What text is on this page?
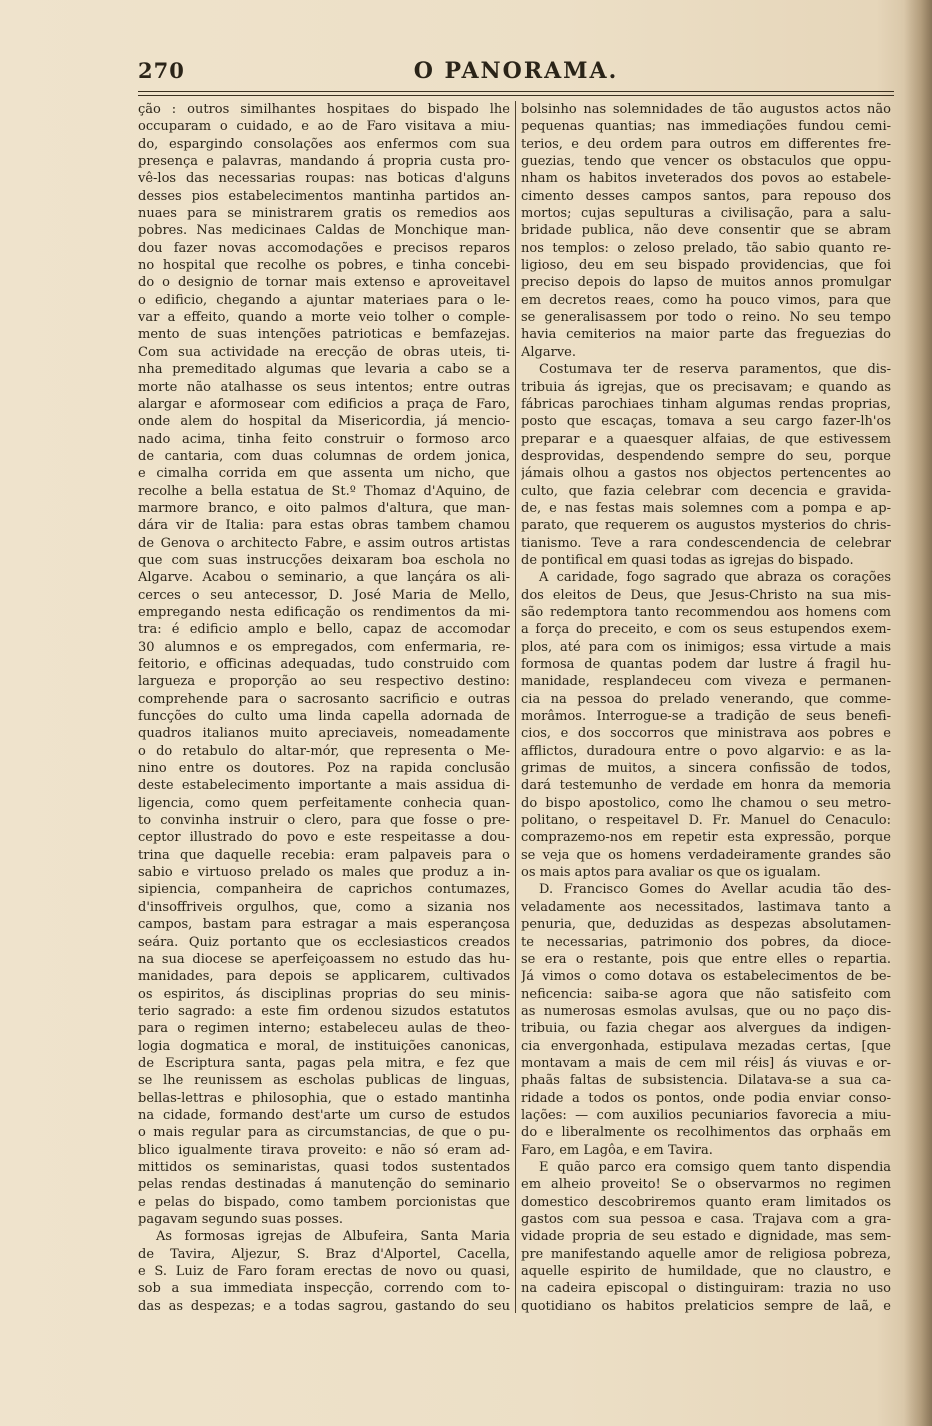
270	O PANORAMA.
ção : outros similhantes hospitaes do bispado lhe
occuparam o cuidado, e ao de Faro visitava a miu-
do, espargindo consolações aos enfermos com sua
presença e palavras, mandando á propria custa pro-
vê-los das necessarias roupas: nas boticas d'alguns
desses pios estabelecimentos mantinha partidos an-
nuaes para se ministrarem gratis os remedios aos
pobres. Nas medicinaes Caldas de Monchique man-
dou fazer novas accomodações e precisos reparos
no hospital que recolhe os pobres, e tinha concebi-
do o designio de tornar mais extenso e aproveitavel
o edificio, chegando a ajuntar materiaes para o le-
var a effeito, quando a morte veio tolher o comple-
mento de suas intenções patrioticas e bemfazejas.
Com sua actividade na erecção de obras uteis, ti-
nha premeditado algumas que levaria a cabo se a
morte não atalhasse os seus intentos; entre outras
alargar e aformosear com edificios a praça de Faro,
onde alem do hospital da Misericordia, já mencio-
nado acima, tinha feito construir o formoso arco
de cantaria, com duas columnas de ordem jonica,
e cimalha corrida em que assenta um nicho, que
recolhe a bella estatua de St.º Thomaz d'Aquino, de
marmore branco, e oito palmos d'altura, que man-
dára vir de Italia: para estas obras tambem chamou
de Genova o architecto Fabre, e assim outros artistas
que com suas instrucções deixaram boa eschola no
Algarve. Acabou o seminario, a que lançára os ali-
cerces o seu antecessor, D. José Maria de Mello,
empregando nesta edificação os rendimentos da mi-
tra: é edificio amplo e bello, capaz de accomodar
30 alumnos e os empregados, com enfermaria, re-
feitorio, e officinas adequadas, tudo construido com
largueza e proporção ao seu respectivo destino:
comprehende para o sacrosanto sacrificio e outras
funcções do culto uma linda capella adornada de
quadros italianos muito apreciaveis, nomeadamente
o do retabulo do altar-mór, que representa o Me-
nino entre os doutores. Poz na rapida conclusão
deste estabelecimento importante a mais assidua di-
ligencia, como quem perfeitamente conhecia quan-
to convinha instruir o clero, para que fosse o pre-
ceptor illustrado do povo e este respeitasse a dou-
trina que daquelle recebia: eram palpaveis para o
sabio e virtuoso prelado os males que produz a in-
sipiencia, companheira de caprichos contumazes,
d'insoffriveis orgulhos, que, como a sizania nos
campos, bastam para estragar a mais esperançosa
seára. Quiz portanto que os ecclesiasticos creados
na sua diocese se aperfeiçoassem no estudo das hu-
manidades, para depois se applicarem, cultivados
os espiritos, ás disciplinas proprias do seu minis-
terio sagrado: a este fim ordenou sizudos estatutos
para o regimen interno; estabeleceu aulas de theo-
logia dogmatica e moral, de instituições canonicas,
de Escriptura santa, pagas pela mitra, e fez que
se lhe reunissem as escholas publicas de linguas,
bellas-lettras e philosophia, que o estado mantinha
na cidade, formando dest'arte um curso de estudos
o mais regular para as circumstancias, de que o pu-
blico igualmente tirava proveito: e não só eram ad-
mittidos os seminaristas, quasi todos sustentados
pelas rendas destinadas á manutenção do seminario
e pelas do bispado, como tambem porcionistas que
pagavam segundo suas posses.
As formosas igrejas de Albufeira, Santa Maria
de Tavira, Aljezur, S. Braz d'Alportel, Cacella,
e S. Luiz de Faro foram erectas de novo ou quasi,
sob a sua immediata inspecção, correndo com to-
das as despezas; e a todas sagrou, gastando do seu
bolsinho nas solemnidades de tão augustos actos não
pequenas quantias; nas immediações fundou cemi-
terios, e deu ordem para outros em differentes fre-
guezias, tendo que vencer os obstaculos que oppu-
nham os habitos inveterados dos povos ao estabele-
cimento desses campos santos, para repouso dos
mortos; cujas sepulturas a civilisação, para a salu-
bridade publica, não deve consentir que se abram
nos templos: o zeloso prelado, tão sabio quanto re-
ligioso, deu em seu bispado providencias, que foi
preciso depois do lapso de muitos annos promulgar
em decretos reaes, como ha pouco vimos, para que
se generalisassem por todo o reino. No seu tempo
havia cemiterios na maior parte das freguezias do
Algarve.
Costumava ter de reserva paramentos, que dis-
tribuia ás igrejas, que os precisavam; e quando as
fábricas parochiaes tinham algumas rendas proprias,
posto que escaças, tomava a seu cargo fazer-lh'os
preparar e a quaesquer alfaias, de que estivessem
desprovidas, despendendo sempre do seu, porque
jámais olhou a gastos nos objectos pertencentes ao
culto, que fazia celebrar com decencia e gravida-
de, e nas festas mais solemnes com a pompa e ap-
parato, que requerem os augustos mysterios do chris-
tianismo. Teve a rara condescendencia de celebrar
de pontifical em quasi todas as igrejas do bispado.
A caridade, fogo sagrado que abraza os corações
dos eleitos de Deus, que Jesus-Christo na sua mis-
são redemptora tanto recommendou aos homens com
a força do preceito, e com os seus estupendos exem-
plos, até para com os inimigos; essa virtude a mais
formosa de quantas podem dar lustre á fragil hu-
manidade, resplandeceu com viveza e permanen-
cia na pessoa do prelado venerando, que comme-
morâmos. Interrogue-se a tradição de seus benefi-
cios, e dos soccorros que ministrava aos pobres e
afflictos, duradoura entre o povo algarvio: e as la-
grimas de muitos, a sincera confissão de todos,
dará testemunho de verdade em honra da memoria
do bispo apostolico, como lhe chamou o seu metro-
politano, o respeitavel D. Fr. Manuel do Cenaculo:
comprazemo-nos em repetir esta expressão, porque
se veja que os homens verdadeiramente grandes são
os mais aptos para avaliar os que os igualam.
D. Francisco Gomes do Avellar acudia tão des-
veladamente aos necessitados, lastimava tanto a
penuria, que, deduzidas as despezas absolutamen-
te necessarias, patrimonio dos pobres, da dioce-
se era o restante, pois que entre elles o repartia.
Já vimos o como dotava os estabelecimentos de be-
neficencia: saiba-se agora que não satisfeito com
as numerosas esmolas avulsas, que ou no paço dis-
tribuia, ou fazia chegar aos alvergues da indigen-
cia envergonhada, estipulava mezadas certas, [que
montavam a mais de cem mil réis] ás viuvas e or-
phaãs faltas de subsistencia. Dilatava-se a sua ca-
ridade a todos os pontos, onde podia enviar conso-
lações: — com auxilios pecuniarios favorecia a miu-
do e liberalmente os recolhimentos das orphaãs em
Faro, em Lagôa, e em Tavira.
E quão parco era comsigo quem tanto dispendia
em alheio proveito! Se o observarmos no regimen
domestico descobriremos quanto eram limitados os
gastos com sua pessoa e casa. Trajava com a gra-
vidade propria de seu estado e dignidade, mas sem-
pre manifestando aquelle amor de religiosa pobreza,
aquelle espirito de humildade, que no claustro, e
na cadeira episcopal o distinguiram: trazia no uso
quotidiano os habitos prelaticios sempre de laã, e
